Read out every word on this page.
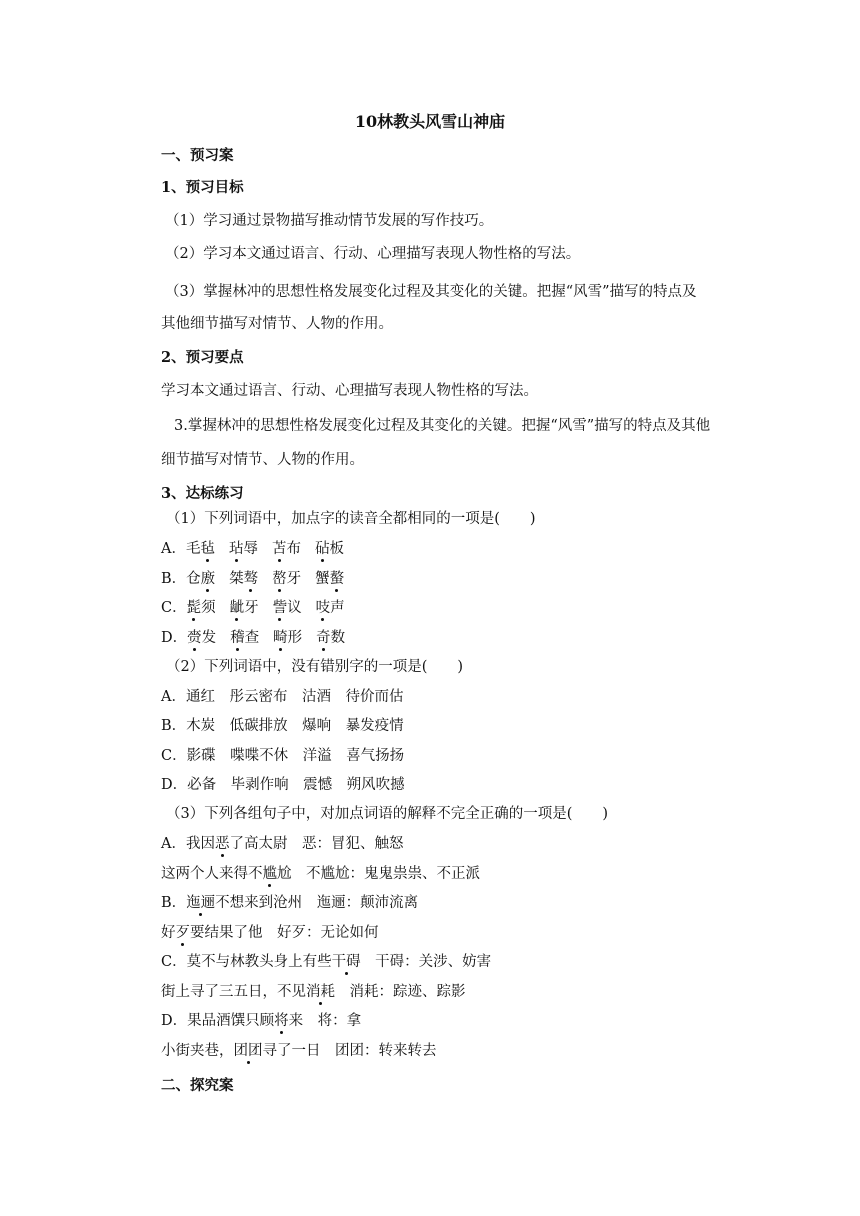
10林教头风雪山神庙
一、预习案
1、预习目标
（1）学习通过景物描写推动情节发展的写作技巧。
（2）学习本文通过语言、行动、心理描写表现人物性格的写法。
（3）掌握林冲的思想性格发展变化过程及其变化的关键。把握“风雪”描写的特点及
其他细节描写对情节、人物的作用。
2、预习要点
学习本文通过语言、行动、心理描写表现人物性格的写法。
3.掌握林冲的思想性格发展变化过程及其变化的关键。把握“风雪”描写的特点及其他
细节描写对情节、人物的作用。
3、达标练习
（1）下列词语中，加点字的读音全都相同的一项是( )
A．毛毡 玷辱 苫布 砧板
B．仓廒 桀骜 嶅牙 蟹螯
C．髭须 龇牙 訾议 吱声
D．赍发 稽查 畸形 奇数
（2）下列词语中，没有错别字的一项是( )
A．通红　彤云密布　沽酒　待价而估
B．木炭　低碳排放　爆响　暴发疫情
C．影碟　喋喋不休　洋溢　喜气扬扬
D．必备　毕剥作响　震憾　朔风吹撼
（3）下列各组句子中，对加点词语的解释不完全正确的一项是( )
A．我因恶了高太尉　恶：冒犯、触怒
这两个人来得不尴尬　不尴尬：鬼鬼祟祟、不正派
B．迤逦不想来到沧州　迤逦：颠沛流离
好歹要结果了他　好歹：无论如何
C．莫不与林教头身上有些干碍　干碍：关涉、妨害
街上寻了三五日，不见消耗　消耗：踪迹、踪影
D．果品酒馔只顾将来　将：拿
小街夹巷，团团寻了一日　团团：转来转去
二、探究案
